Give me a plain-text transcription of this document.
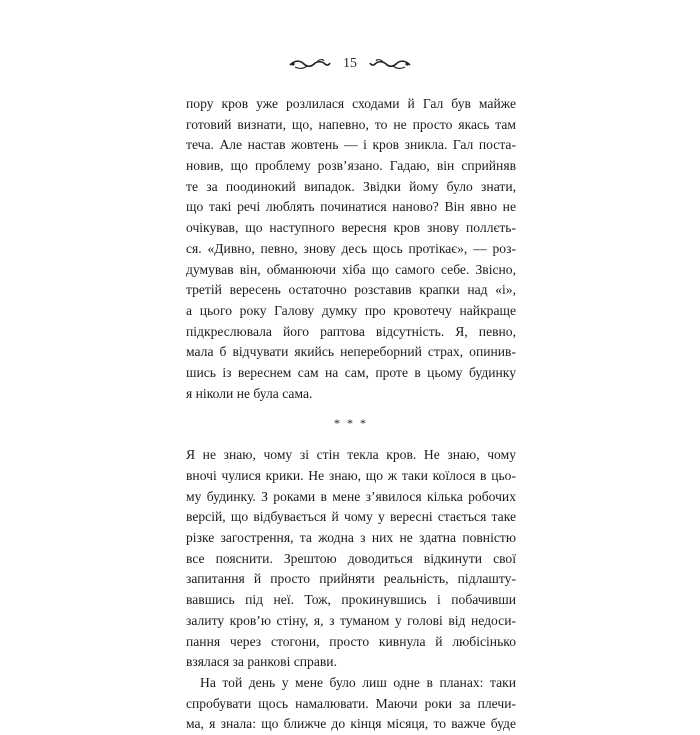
15
пору кров уже розлилася сходами й Гал був майже
готовий визнати, що, напевно, то не просто якась там
теча. Але настав жовтень — і кров зникла. Гал поста-
новив, що проблему розв’язано. Гадаю, він сприйняв
те за поодинокий випадок. Звідки йому було знати,
що такі речі люблять починатися наново? Він явно не
очікував, що наступного вересня кров знову поллєть-
ся. «Дивно, певно, знову десь щось протікає», — роз-
думував він, обманюючи хіба що самого себе. Звісно,
третій вересень остаточно розставив крапки над «і»,
а цього року Галову думку про кровотечу найкраще
підкреслювала його раптова відсутність. Я, певно,
мала б відчувати якийсь непереборний страх, опинив-
шись із вереснем сам на сам, проте в цьому будинку
я ніколи не була сама.
* * *
Я не знаю, чому зі стін текла кров. Не знаю, чому
вночі чулися крики. Не знаю, що ж таки коїлося в цьо-
му будинку. З роками в мене з’явилося кілька робочих
версій, що відбувається й чому у вересні стається таке
різке загострення, та жодна з них не здатна повністю
все пояснити. Зрештою доводиться відкинути свої
запитання й просто прийняти реальність, підлашту-
вавшись під неї. Тож, прокинувшись і побачивши
залиту кров’ю стіну, я, з туманом у голові від недоси-
пання через стогони, просто кивнула й любісінько
взялася за ранкові справи.
На той день у мене було лиш одне в планах: таки
спробувати щось намалювати. Маючи роки за плечи-
ма, я знала: що ближче до кінця місяця, то важче буде
